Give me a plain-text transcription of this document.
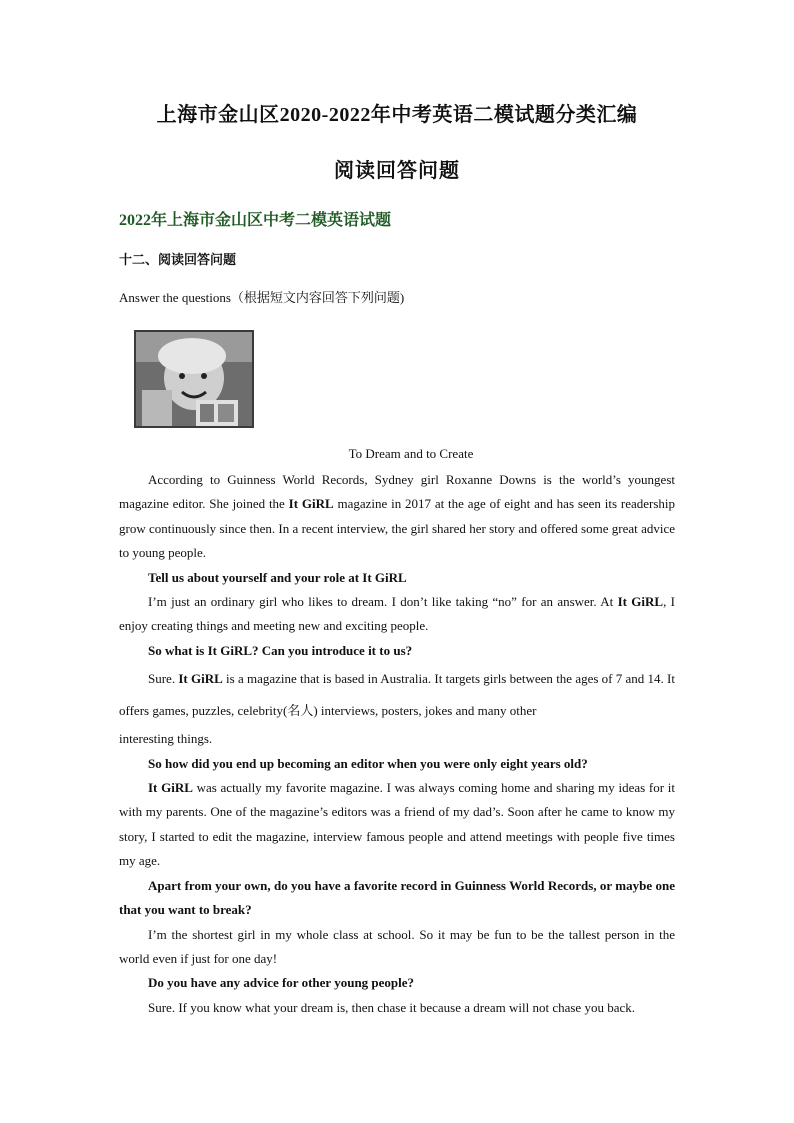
上海市金山区2020-2022年中考英语二模试题分类汇编
阅读回答问题
2022年上海市金山区中考二模英语试题
十二、阅读回答问题
Answer the questions（根据短文内容回答下列问题)
To Dream and to Create

According to Guinness World Records, Sydney girl Roxanne Downs is the world’s youngest magazine editor. She joined the It GiRL magazine in 2017 at the age of eight and has seen its readership grow continuously since then. In a recent interview, the girl shared her story and offered some great advice to young people.

Tell us about yourself and your role at It GiRL

I’m just an ordinary girl who likes to dream. I don’t like taking “no” for an answer. At It GiRL, I enjoy creating things and meeting new and exciting people.

So what is It GiRL? Can you introduce it to us?

Sure. It GiRL is a magazine that is based in Australia. It targets girls between the ages of 7 and 14. It offers games, puzzles, celebrity(名人) interviews, posters, jokes and many other

interesting things.

So how did you end up becoming an editor when you were only eight years old?

It GiRL was actually my favorite magazine. I was always coming home and sharing my ideas for it with my parents. One of the magazine’s editors was a friend of my dad’s. Soon after he came to know my story, I started to edit the magazine, interview famous people and attend meetings with people five times my age.

Apart from your own, do you have a favorite record in Guinness World Records, or maybe one that you want to break?

I’m the shortest girl in my whole class at school. So it may be fun to be the tallest person in the world even if just for one day!

Do you have any advice for other young people?

Sure. If you know what your dream is, then chase it because a dream will not chase you back.
